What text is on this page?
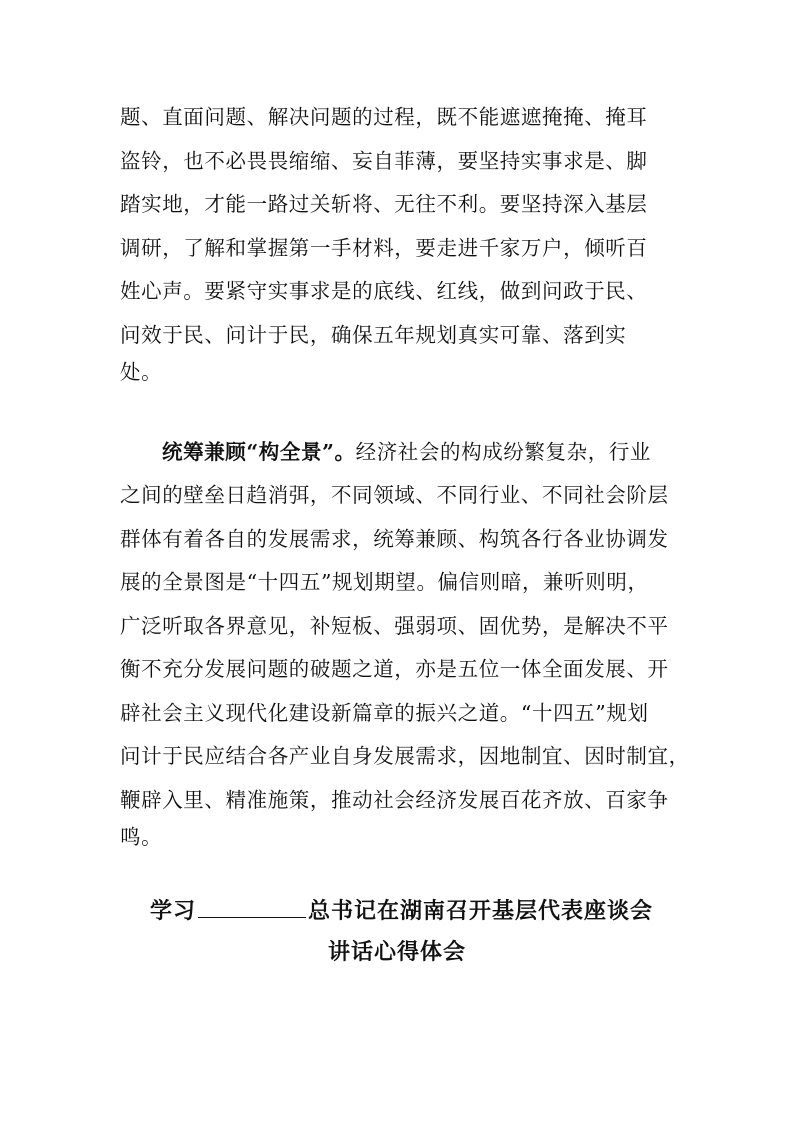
题、直面问题、解决问题的过程，既不能遮遮掩掩、掩耳
盗铃，也不必畏畏缩缩、妄自菲薄，要坚持实事求是、脚
踏实地，才能一路过关斩将、无往不利。要坚持深入基层
调研，了解和掌握第一手材料，要走进千家万户，倾听百
姓心声。要紧守实事求是的底线、红线，做到问政于民、
问效于民、问计于民，确保五年规划真实可靠、落到实
处。
统筹兼顾“构全景”。经济社会的构成纷繁复杂，行业
之间的壁垒日趋消弭，不同领域、不同行业、不同社会阶层
群体有着各自的发展需求，统筹兼顾、构筑各行各业协调发
展的全景图是“十四五”规划期望。偏信则暗，兼听则明，
广泛听取各界意见，补短板、强弱项、固优势，是解决不平
衡不充分发展问题的破题之道，亦是五位一体全面发展、开
辟社会主义现代化建设新篇章的振兴之道。“十四五”规划
问计于民应结合各产业自身发展需求，因地制宜、因时制宜，
鞭辟入里、精准施策，推动社会经济发展百花齐放、百家争
鸣。
学习	总书记在湖南召开基层代表座谈会
讲话心得体会
